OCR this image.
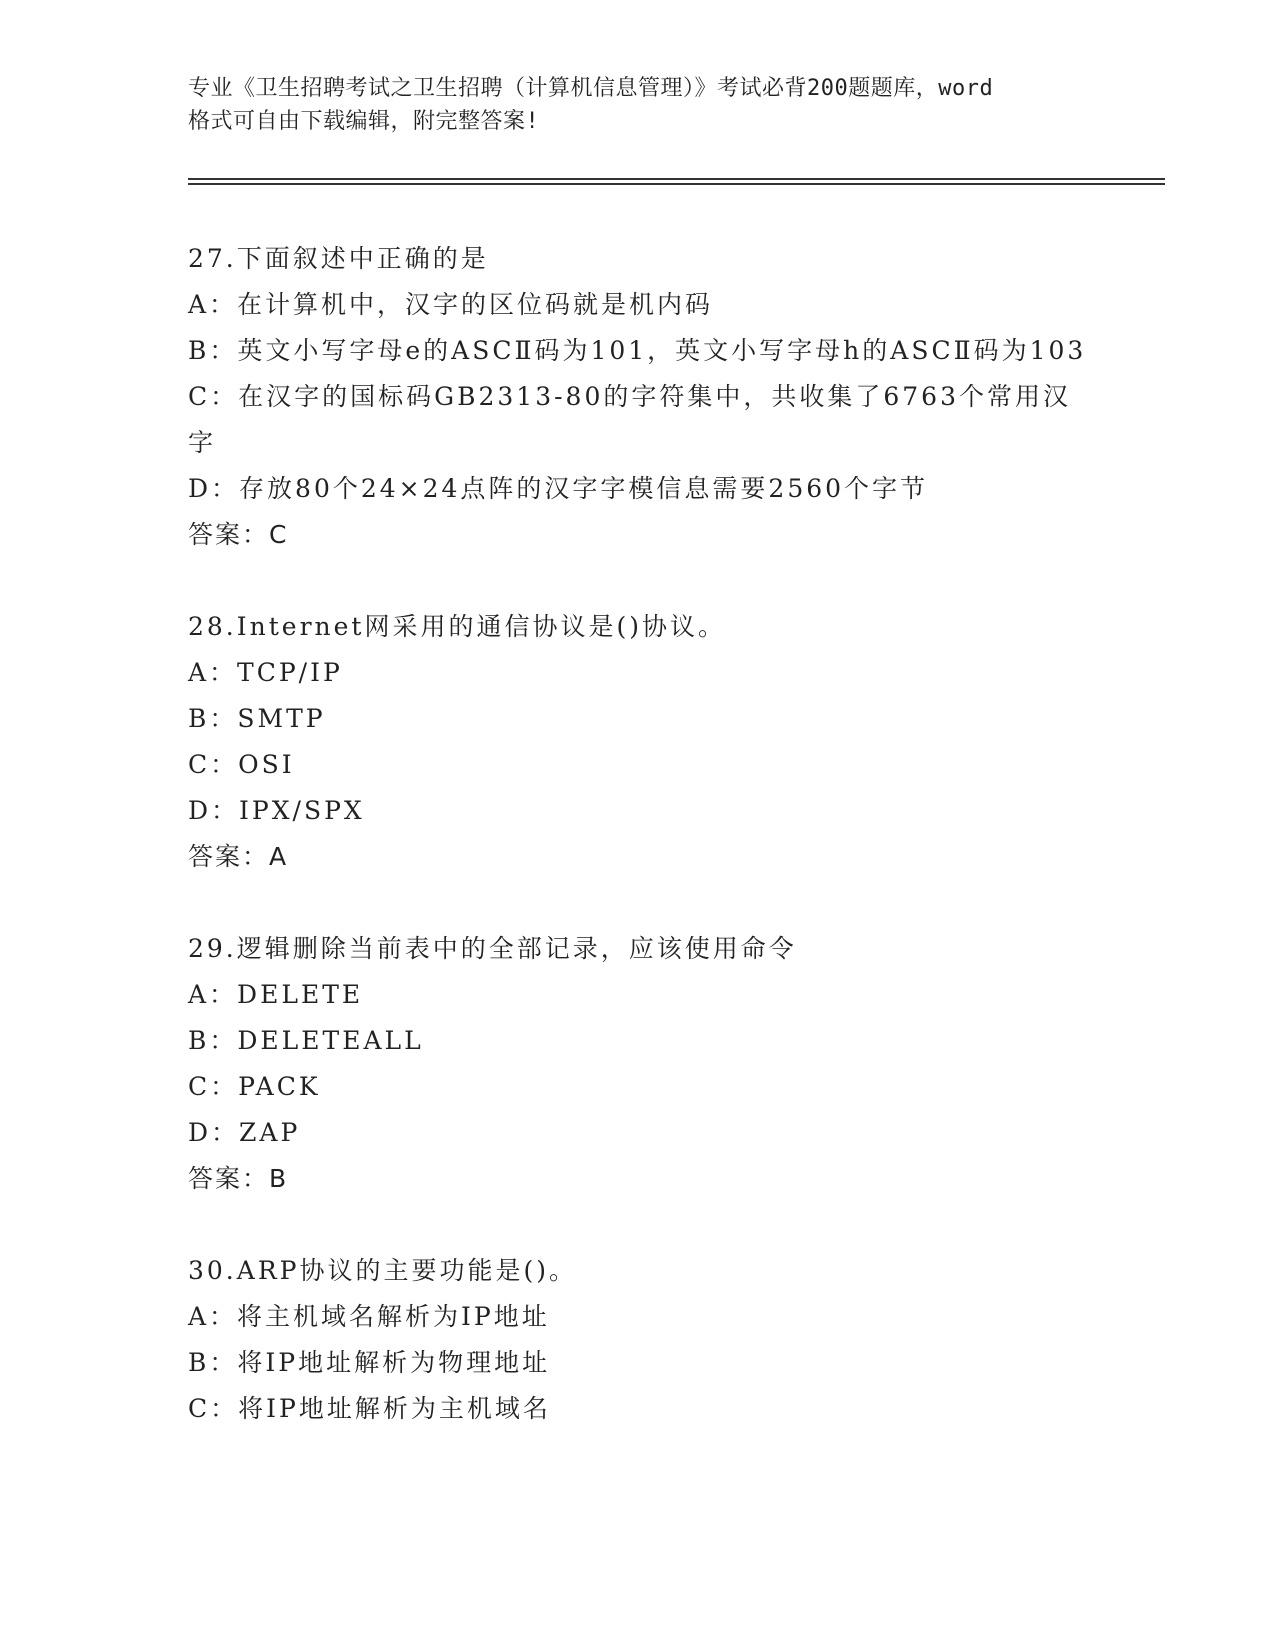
专业《卫生招聘考试之卫生招聘（计算机信息管理）》考试必背200题题库，word
格式可自由下载编辑，附完整答案!
27.下面叙述中正确的是
A：在计算机中，汉字的区位码就是机内码
B：英文小写字母e的ASCⅡ码为101，英文小写字母h的ASCⅡ码为103
C：在汉字的国标码GB2313-80的字符集中，共收集了6763个常用汉字
D：存放80个24×24点阵的汉字字模信息需要2560个字节
答案：C
28.Internet网采用的通信协议是()协议。
A：TCP/IP
B：SMTP
C：OSI
D：IPX/SPX
答案：A
29.逻辑删除当前表中的全部记录，应该使用命令
A：DELETE
B：DELETEALL
C：PACK
D：ZAP
答案：B
30.ARP协议的主要功能是()。
A：将主机域名解析为IP地址
B：将IP地址解析为物理地址
C：将IP地址解析为主机域名
